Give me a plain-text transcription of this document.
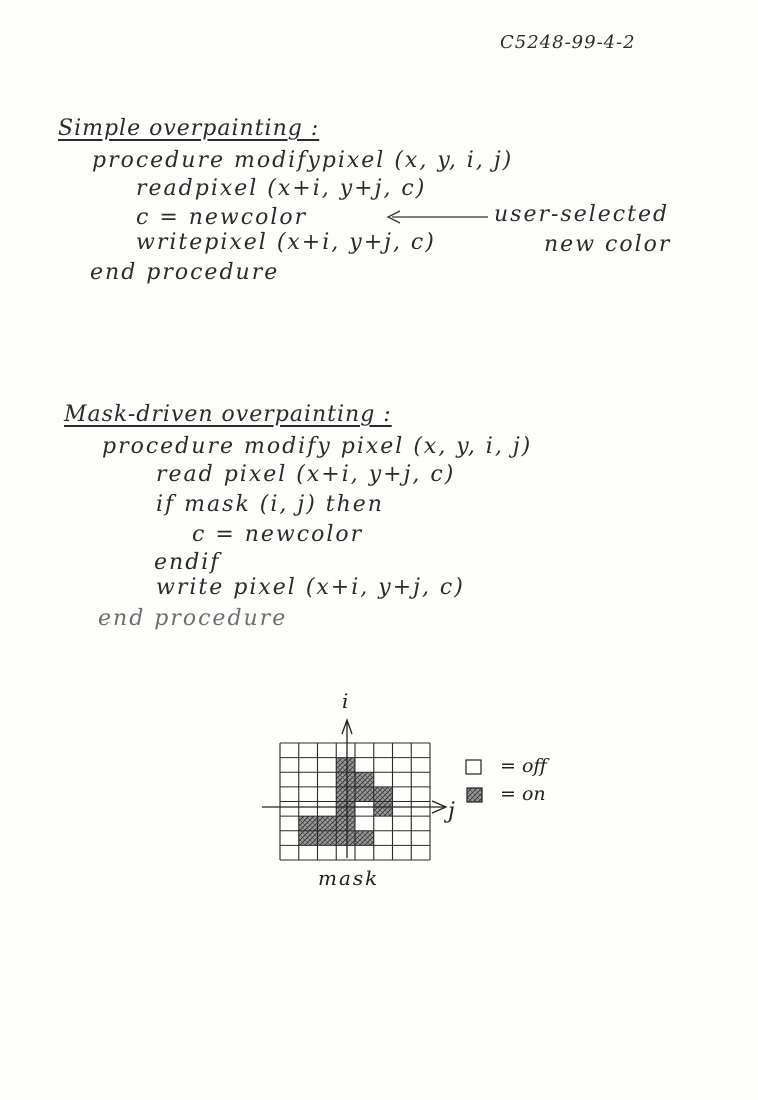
C5248-99-4-2
Simple overpainting :
procedure modifypixel (x, y, i, j)
readpixel (x+i, y+j, c)
c = newcolor
writepixel (x+i, y+j, c)
end procedure
user-selected
new color
Mask-driven overpainting :
procedure modify pixel (x, y, i, j)
read pixel (x+i, y+j, c)
if mask (i, j) then
c = newcolor
endif
write pixel (x+i, y+j, c)
end procedure
i
j
mask
= off
= on
